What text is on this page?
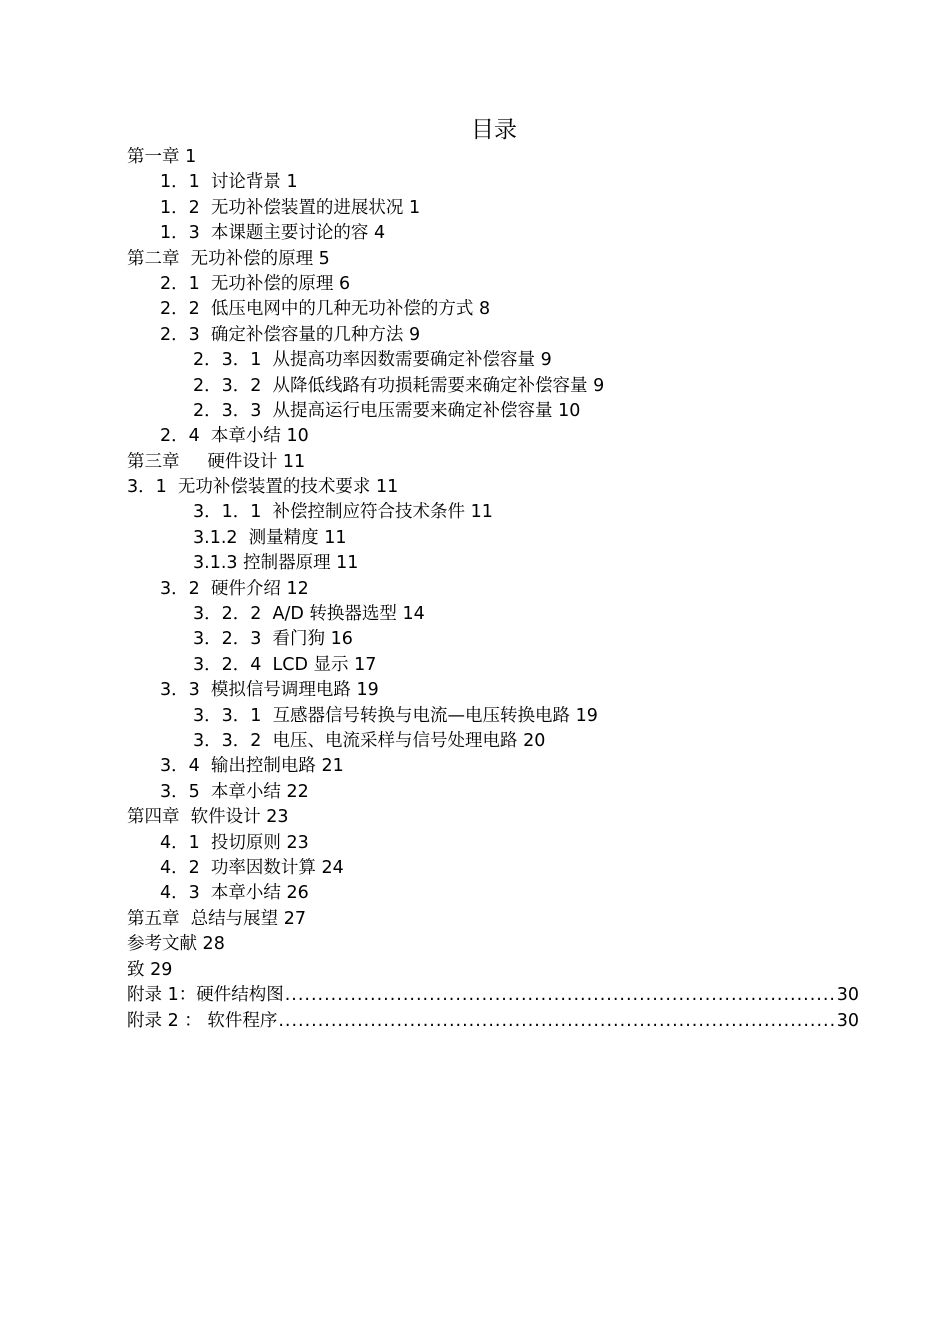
目录
第一章 1
1．1  讨论背景 1
1．2  无功补偿装置的进展状况 1
1．3  本课题主要讨论的容 4
第二章  无功补偿的原理 5
2．1  无功补偿的原理 6
2．2  低压电网中的几种无功补偿的方式 8
2．3  确定补偿容量的几种方法 9
2．3．1  从提高功率因数需要确定补偿容量 9
2．3．2  从降低线路有功损耗需要来确定补偿容量 9
2．3．3  从提高运行电压需要来确定补偿容量 10
2．4  本章小结 10
第三章     硬件设计 11
3．1  无功补偿装置的技术要求 11
3．1．1  补偿控制应符合技术条件 11
3.1.2  测量精度 11
3.1.3 控制器原理 11
3．2  硬件介绍 12
3．2．2  A/D 转换器选型 14
3．2．3  看门狗 16
3．2．4  LCD 显示 17
3．3  模拟信号调理电路 19
3．3．1  互感器信号转换与电流—电压转换电路 19
3．3．2  电压、电流采样与信号处理电路 20
3．4  输出控制电路 21
3．5  本章小结 22
第四章  软件设计 23
4．1  投切原则 23
4．2  功率因数计算 24
4．3  本章小结 26
第五章  总结与展望 27
参考文献 28
致 29
附录 1：硬件结构图 .....	30
附录 2 ： 软件程序 .....	30
